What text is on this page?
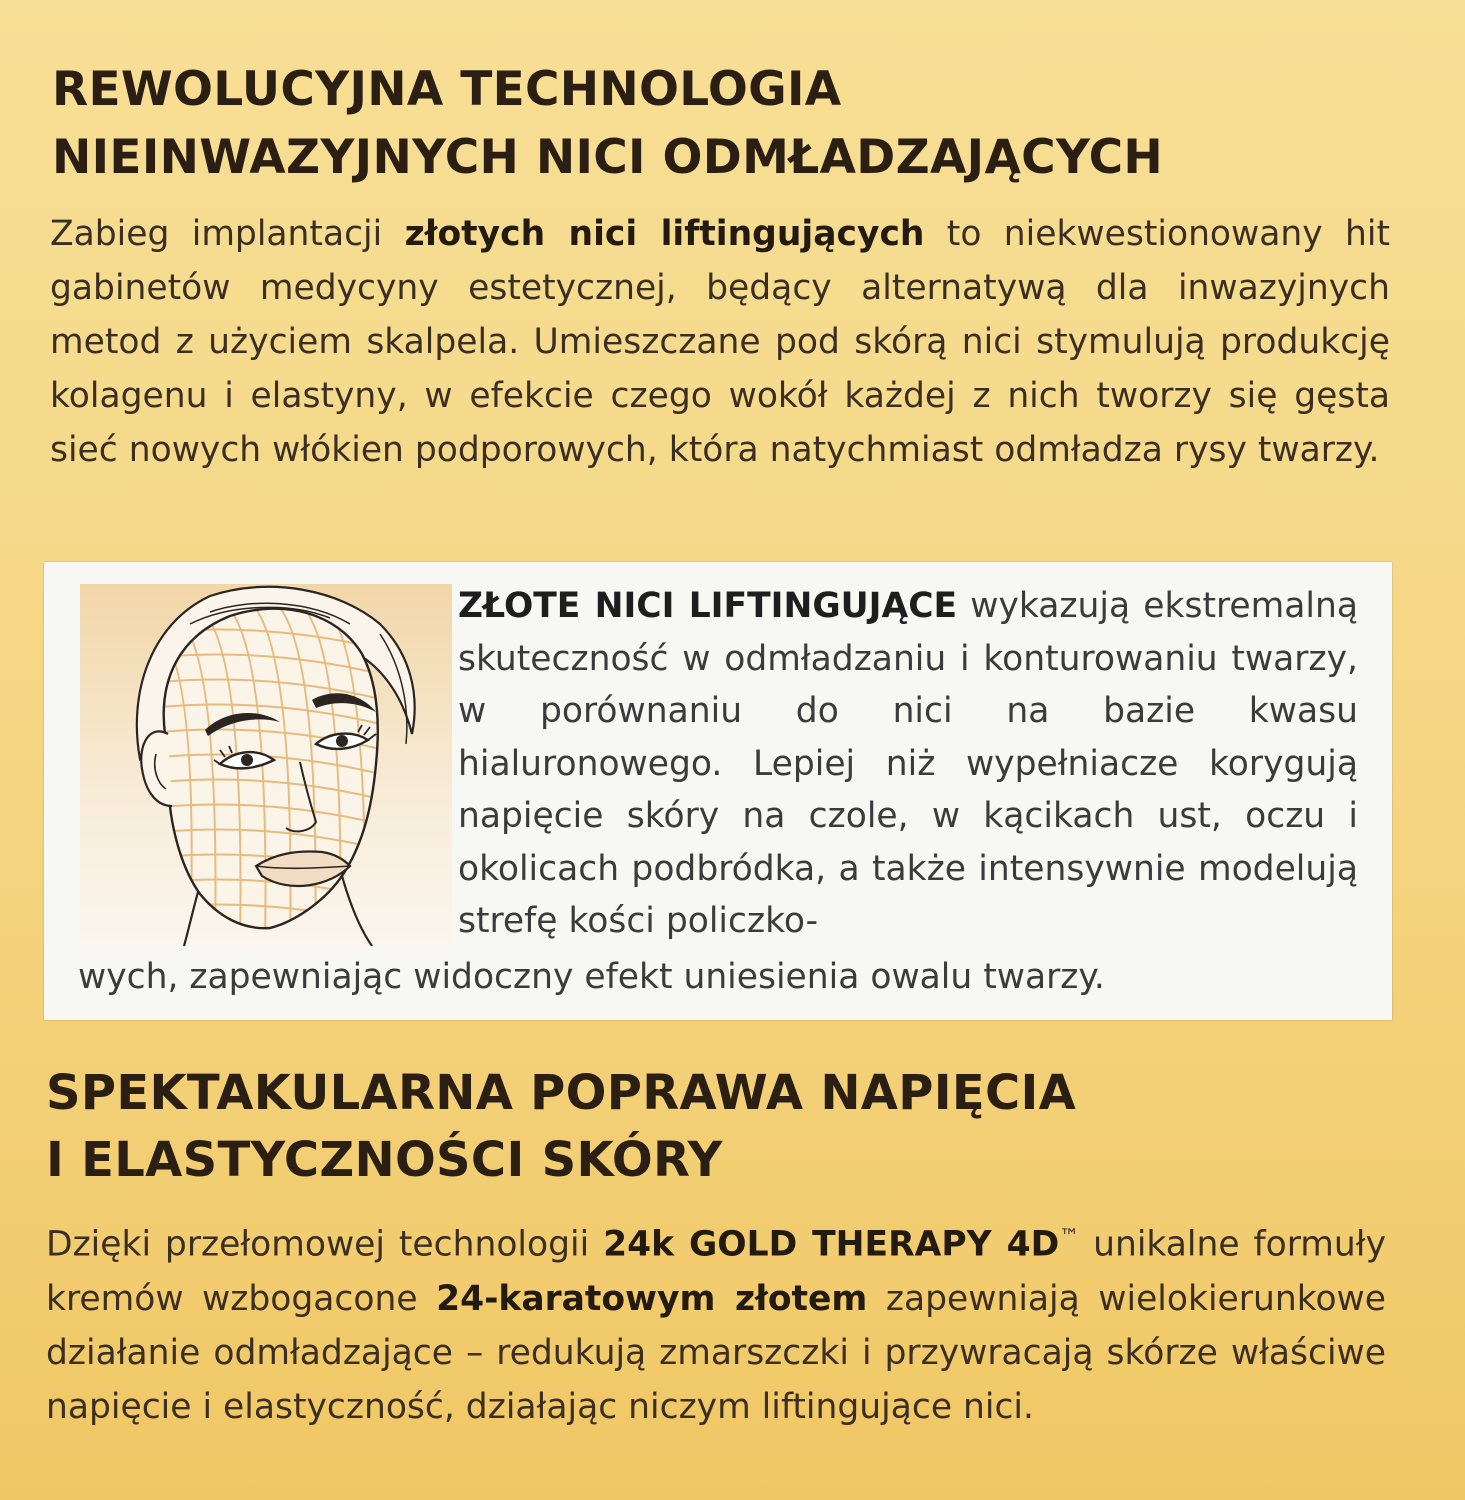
REWOLUCYJNA TECHNOLOGIA
NIEINWAZYJNYCH NICI ODMŁADZAJĄCYCH
Zabieg implantacji złotych nici liftingujących to niekwestionowany hit gabinetów medycyny estetycznej, będący alternatywą dla inwazyjnych metod z użyciem skalpela. Umieszczane pod skórą nici stymulują produkcję kolagenu i elastyny, w efekcie czego wokół każdej z nich tworzy się gęsta sieć nowych włókien podporowych, która natychmiast odmładza rysy twarzy.
ZŁOTE NICI LIFTINGUJĄCE wykazują ekstremalną skuteczność w odmładzaniu i konturowaniu twarzy, w porównaniu do nici na bazie kwasu hialuronowego. Lepiej niż wypełniacze korygują napięcie skóry na czole, w kącikach ust, oczu i okolicach podbródka, a także intensywnie modelują strefę kości policzko-
wych, zapewniając widoczny efekt uniesienia owalu twarzy.
SPEKTAKULARNA POPRAWA NAPIĘCIA
I ELASTYCZNOŚCI SKÓRY
Dzięki przełomowej technologii 24k GOLD THERAPY 4D™ unikalne formuły kremów wzbogacone 24-karatowym złotem zapewniają wielokierunkowe działanie odmładzające – redukują zmarszczki i przywracają skórze właściwe napięcie i elastyczność, działając niczym liftingujące nici.
